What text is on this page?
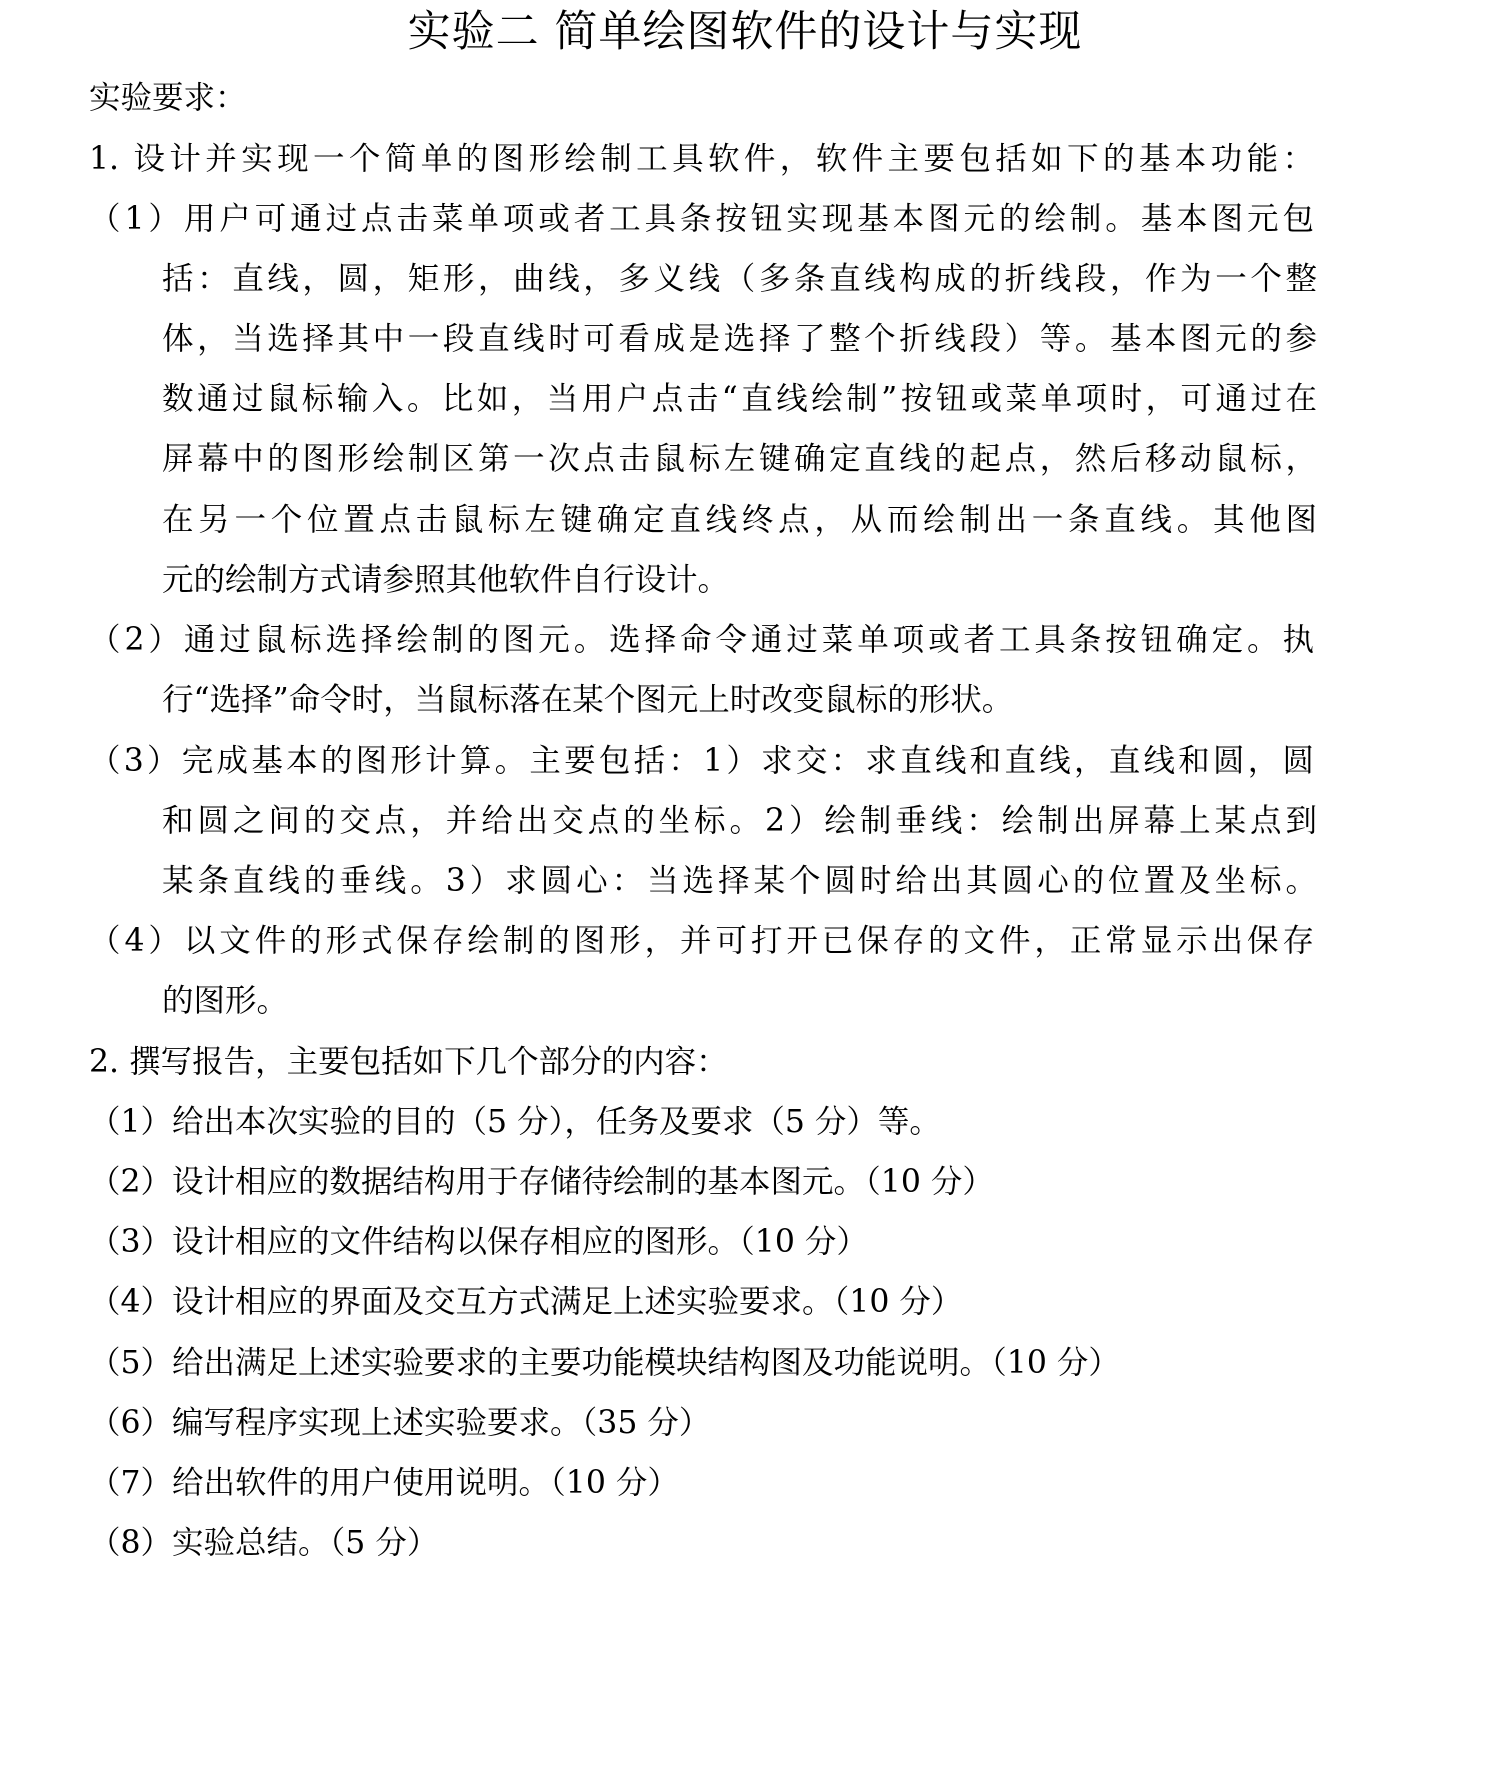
实验二 简单绘图软件的设计与实现
实验要求：
1. 设计并实现一个简单的图形绘制工具软件，软件主要包括如下的基本功能：
（1）用户可通过点击菜单项或者工具条按钮实现基本图元的绘制。基本图元包
括：直线，圆，矩形，曲线，多义线（多条直线构成的折线段，作为一个整
体，当选择其中一段直线时可看成是选择了整个折线段）等。基本图元的参
数通过鼠标输入。比如，当用户点击“直线绘制”按钮或菜单项时，可通过在
屏幕中的图形绘制区第一次点击鼠标左键确定直线的起点，然后移动鼠标，
在另一个位置点击鼠标左键确定直线终点，从而绘制出一条直线。其他图
元的绘制方式请参照其他软件自行设计。
（2）通过鼠标选择绘制的图元。选择命令通过菜单项或者工具条按钮确定。执
行“选择”命令时，当鼠标落在某个图元上时改变鼠标的形状。
（3）完成基本的图形计算。主要包括：1）求交：求直线和直线，直线和圆，圆
和圆之间的交点，并给出交点的坐标。2）绘制垂线：绘制出屏幕上某点到
某条直线的垂线。3）求圆心：当选择某个圆时给出其圆心的位置及坐标。
（4）以文件的形式保存绘制的图形，并可打开已保存的文件，正常显示出保存
的图形。
2. 撰写报告，主要包括如下几个部分的内容：
（1）给出本次实验的目的（5 分），任务及要求（5 分）等。
（2）设计相应的数据结构用于存储待绘制的基本图元。（10 分）
（3）设计相应的文件结构以保存相应的图形。（10 分）
（4）设计相应的界面及交互方式满足上述实验要求。（10 分）
（5）给出满足上述实验要求的主要功能模块结构图及功能说明。（10 分）
（6）编写程序实现上述实验要求。（35 分）
（7）给出软件的用户使用说明。（10 分）
（8）实验总结。（5 分）
